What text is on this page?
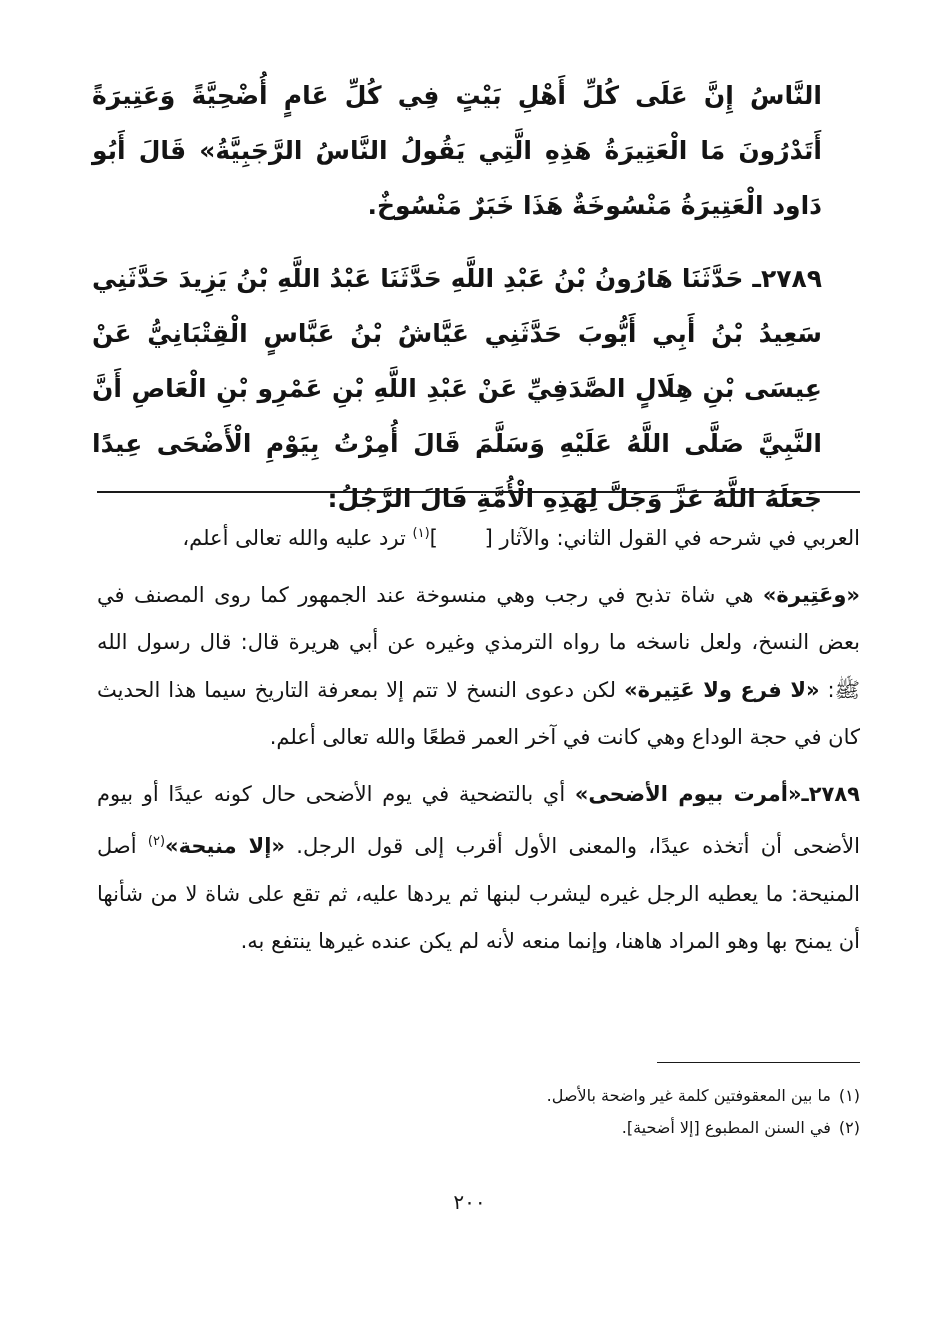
النَّاسُ إِنَّ عَلَى كُلِّ أَهْلِ بَيْتٍ فِي كُلِّ عَامٍ أُضْحِيَّةً وَعَتِيرَةً أَتَدْرُونَ مَا الْعَتِيرَةُ هَذِهِ الَّتِي يَقُولُ النَّاسُ الرَّجَبِيَّةُ» قَالَ أَبُو دَاود الْعَتِيرَةُ مَنْسُوخَةٌ هَذَا خَبَرٌ مَنْسُوخٌ.

٢٧٨٩ـ حَدَّثَنَا هَارُونُ بْنُ عَبْدِ اللَّهِ حَدَّثَنَا عَبْدُ اللَّهِ بْنُ يَزِيدَ حَدَّثَنِي سَعِيدُ بْنُ أَبِي أَيُّوبَ حَدَّثَنِي عَيَّاشُ بْنُ عَبَّاسٍ الْقِتْبَانِيُّ عَنْ عِيسَى بْنِ هِلَالٍ الصَّدَفِيِّ عَنْ عَبْدِ اللَّهِ بْنِ عَمْرِو بْنِ الْعَاصِ أَنَّ النَّبِيَّ صَلَّى اللَّهُ عَلَيْهِ وَسَلَّمَ قَالَ أُمِرْتُ بِيَوْمِ الْأَضْحَى عِيدًا جَعَلَهُ اللَّهُ عَزَّ وَجَلَّ لِهَذِهِ الْأُمَّةِ قَالَ الرَّجُلُ:

العربي في شرحه في القول الثاني: والآثار [       ]$^{(١)}$ ترد عليه والله تعالى أعلم،

«وعَتِيرة» هي شاة تذبح في رجب وهي منسوخة عند الجمهور كما روى المصنف في بعض النسخ، ولعل ناسخه ما رواه الترمذي وغيره عن أبي هريرة قال: قال رسول الله ﷺ: «لا فرع ولا عَتِيرة» لكن دعوى النسخ لا تتم إلا بمعرفة التاريخ سيما هذا الحديث كان في حجة الوداع وهي كانت في آخر العمر قطعًا والله تعالى أعلم.

٢٧٨٩ـ«أمرت بيوم الأضحى» أي بالتضحية في يوم الأضحى حال كونه عيدًا أو بيوم الأضحى أن أتخذه عيدًا، والمعنى الأول أقرب إلى قول الرجل. «إلا منيحة»$^{(٢)}$ أصل المنيحة: ما يعطيه الرجل غيره ليشرب لبنها ثم يردها عليه، ثم تقع على شاة لا من شأنها أن يمنح بها وهو المراد هاهنا، وإنما منعه لأنه لم يكن عنده غيرها ينتفع به.

(١)ما بين المعقوفتين كلمة غير واضحة بالأصل.

(٢)في السنن المطبوع [إلا أضحية].

٢٠٠
